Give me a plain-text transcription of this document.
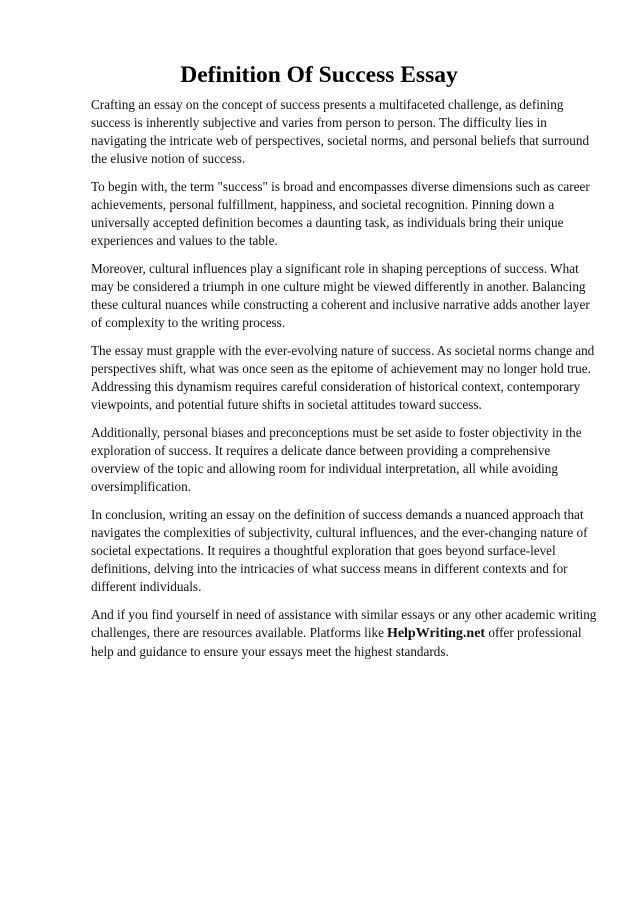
Definition Of Success Essay

Crafting an essay on the concept of success presents a multifaceted challenge, as defining success is inherently subjective and varies from person to person. The difficulty lies in navigating the intricate web of perspectives, societal norms, and personal beliefs that surround the elusive notion of success.

To begin with, the term "success" is broad and encompasses diverse dimensions such as career achievements, personal fulfillment, happiness, and societal recognition. Pinning down a universally accepted definition becomes a daunting task, as individuals bring their unique experiences and values to the table.

Moreover, cultural influences play a significant role in shaping perceptions of success. What may be considered a triumph in one culture might be viewed differently in another. Balancing these cultural nuances while constructing a coherent and inclusive narrative adds another layer of complexity to the writing process.

The essay must grapple with the ever-evolving nature of success. As societal norms change and perspectives shift, what was once seen as the epitome of achievement may no longer hold true. Addressing this dynamism requires careful consideration of historical context, contemporary viewpoints, and potential future shifts in societal attitudes toward success.

Additionally, personal biases and preconceptions must be set aside to foster objectivity in the exploration of success. It requires a delicate dance between providing a comprehensive overview of the topic and allowing room for individual interpretation, all while avoiding oversimplification.

In conclusion, writing an essay on the definition of success demands a nuanced approach that navigates the complexities of subjectivity, cultural influences, and the ever-changing nature of societal expectations. It requires a thoughtful exploration that goes beyond surface-level definitions, delving into the intricacies of what success means in different contexts and for different individuals.

And if you find yourself in need of assistance with similar essays or any other academic writing challenges, there are resources available. Platforms like HelpWriting.net offer professional help and guidance to ensure your essays meet the highest standards.
